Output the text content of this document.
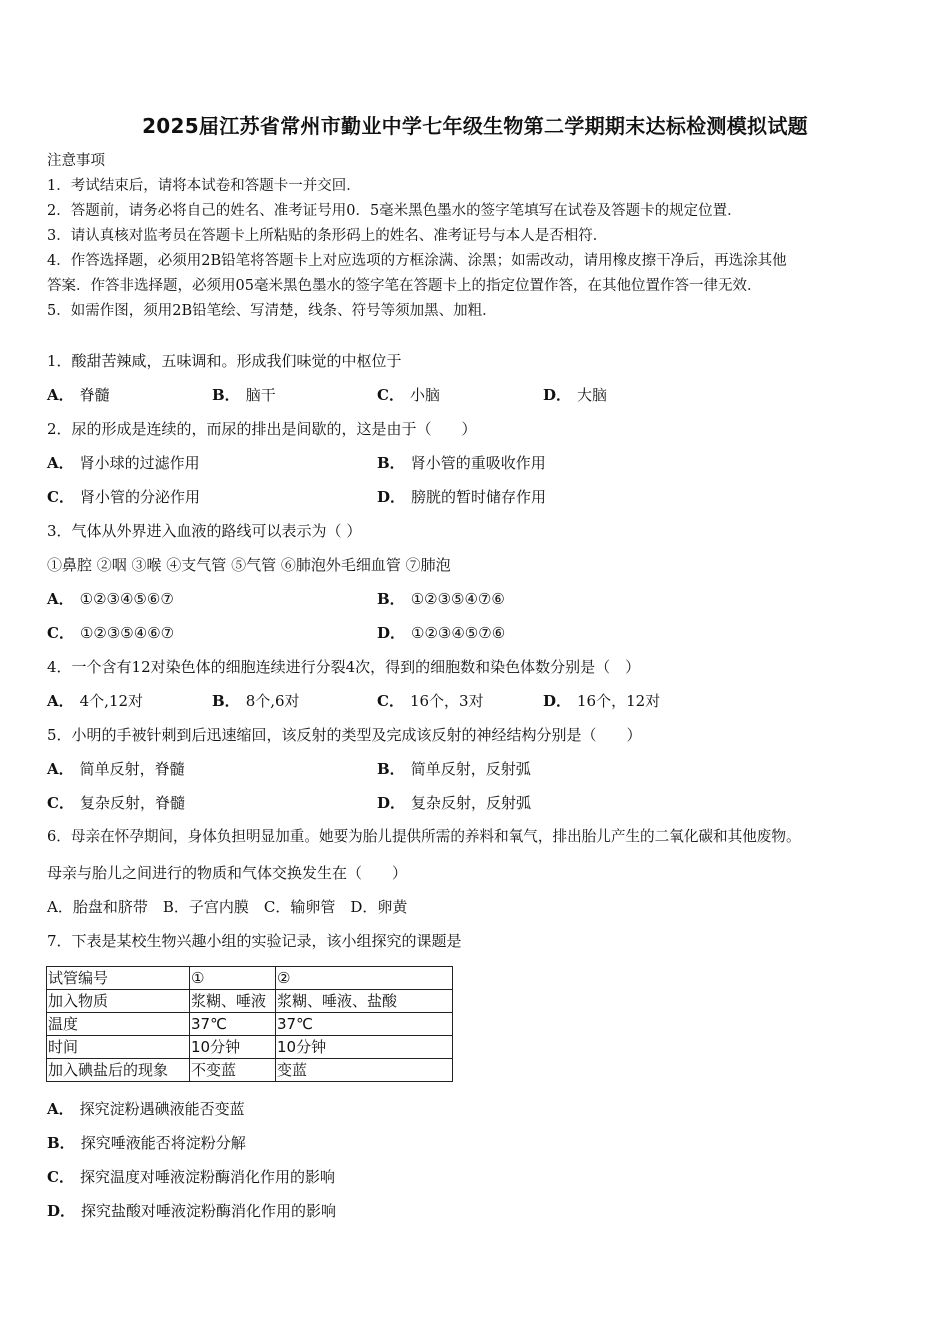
2025届江苏省常州市勤业中学七年级生物第二学期期末达标检测模拟试题
注意事项
1．考试结束后，请将本试卷和答题卡一并交回．
2．答题前，请务必将自己的姓名、准考证号用0．5毫米黑色墨水的签字笔填写在试卷及答题卡的规定位置．
3．请认真核对监考员在答题卡上所粘贴的条形码上的姓名、准考证号与本人是否相符．
4．作答选择题，必须用2B铅笔将答题卡上对应选项的方框涂满、涂黑；如需改动，请用橡皮擦干净后，再选涂其他
答案．作答非选择题，必须用05毫米黑色墨水的签字笔在答题卡上的指定位置作答，在其他位置作答一律无效．
5．如需作图，须用2B铅笔绘、写清楚，线条、符号等须加黑、加粗．
1．酸甜苦辣咸，五味调和。形成我们味觉的中枢位于
A． 脊髓	B． 脑干	C． 小脑	D． 大脑
2．尿的形成是连续的，而尿的排出是间歇的，这是由于（　　）
A． 肾小球的过滤作用	B． 肾小管的重吸收作用
C． 肾小管的分泌作用	D． 膀胱的暂时储存作用
3．气体从外界进入血液的路线可以表示为（ ）
①鼻腔 ②咽 ③喉 ④支气管 ⑤气管 ⑥肺泡外毛细血管 ⑦肺泡
A． ①②③④⑤⑥⑦	B． ①②③⑤④⑦⑥
C． ①②③⑤④⑥⑦	D． ①②③④⑤⑦⑥
4．一个含有12对染色体的细胞连续进行分裂4次，得到的细胞数和染色体数分别是（　）
A． 4个,12对	B． 8个,6对	C． 16个，3对	D． 16个，12对
5．小明的手被针刺到后迅速缩回，该反射的类型及完成该反射的神经结构分别是（　　）
A． 简单反射，脊髓	B． 简单反射，反射弧
C． 复杂反射，脊髓	D． 复杂反射，反射弧
6．母亲在怀孕期间，身体负担明显加重。她要为胎儿提供所需的养料和氧气，排出胎儿产生的二氧化碳和其他废物。
母亲与胎儿之间进行的物质和气体交换发生在（　　）
A．胎盘和脐带　B．子宫内膜　C．输卵管　D．卵黄
7．下表是某校生物兴趣小组的实验记录，该小组探究的课题是
试管编号	①	②
加入物质	浆糊、唾液	浆糊、唾液、盐酸
温度	37℃	37℃
时间	10分钟	10分钟
加入碘盐后的现象	不变蓝	变蓝
A． 探究淀粉遇碘液能否变蓝
B． 探究唾液能否将淀粉分解
C． 探究温度对唾液淀粉酶消化作用的影响
D． 探究盐酸对唾液淀粉酶消化作用的影响
